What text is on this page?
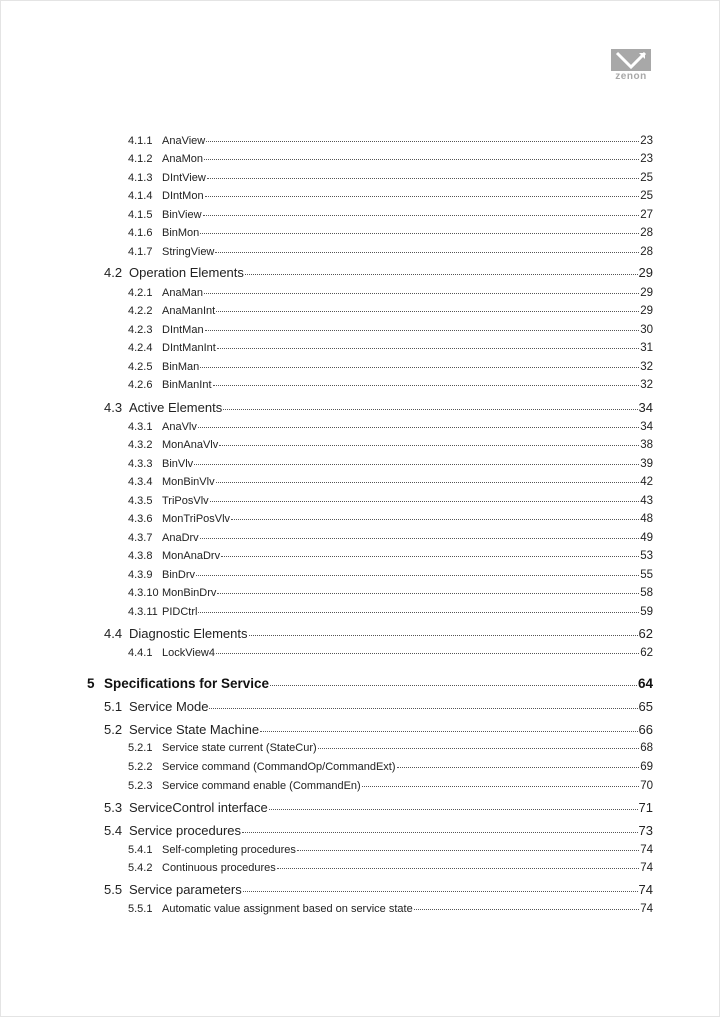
zenon
4.1.1 AnaView	23
4.1.2 AnaMon	23
4.1.3 DIntView	25
4.1.4 DIntMon	25
4.1.5 BinView	27
4.1.6 BinMon	28
4.1.7 StringView	28
4.2 Operation Elements	29
4.2.1 AnaMan	29
4.2.2 AnaManInt	29
4.2.3 DIntMan	30
4.2.4 DIntManInt	31
4.2.5 BinMan	32
4.2.6 BinManInt	32
4.3 Active Elements	34
4.3.1 AnaVlv	34
4.3.2 MonAnaVlv	38
4.3.3 BinVlv	39
4.3.4 MonBinVlv	42
4.3.5 TriPosVlv	43
4.3.6 MonTriPosVlv	48
4.3.7 AnaDrv	49
4.3.8 MonAnaDrv	53
4.3.9 BinDrv	55
4.3.10 MonBinDrv	58
4.3.11 PIDCtrl	59
4.4 Diagnostic Elements	62
4.4.1 LockView4	62
5 Specifications for Service	64
5.1 Service Mode	65
5.2 Service State Machine	66
5.2.1 Service state current (StateCur)	68
5.2.2 Service command (CommandOp/CommandExt)	69
5.2.3 Service command enable (CommandEn)	70
5.3 ServiceControl interface	71
5.4 Service procedures	73
5.4.1 Self-completing procedures	74
5.4.2 Continuous procedures	74
5.5 Service parameters	74
5.5.1 Automatic value assignment based on service state	74
